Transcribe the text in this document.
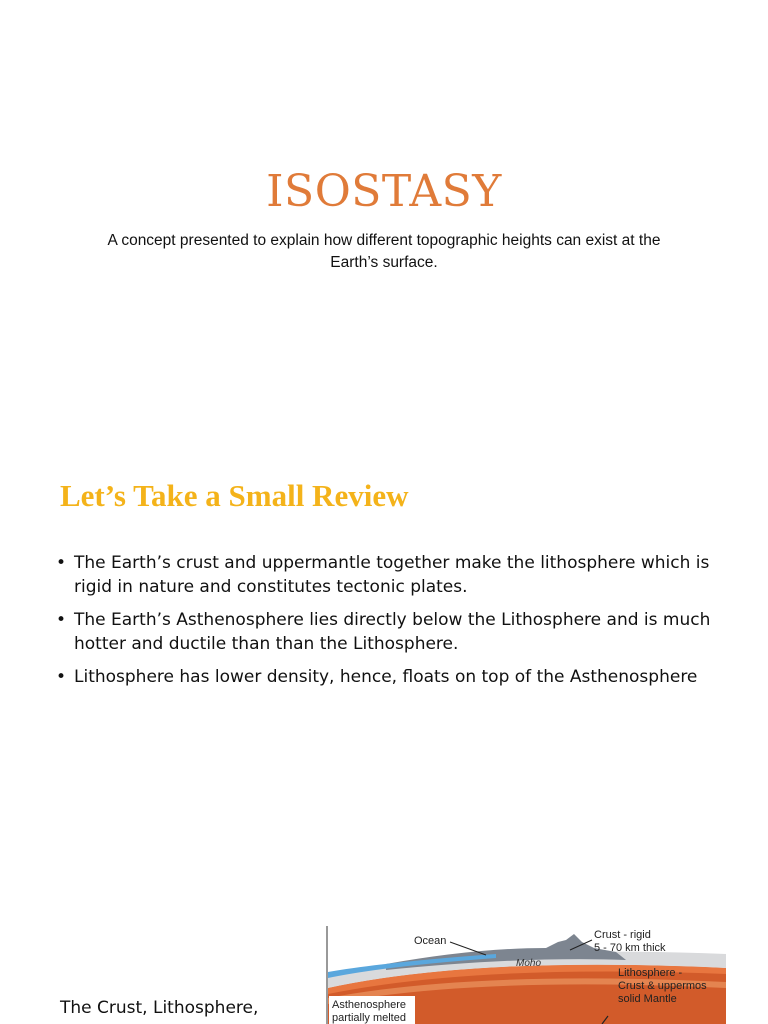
ISOSTASY

A concept presented to explain how different topographic heights can exist at the Earth’s surface.

Let’s Take a Small Review
• The Earth’s crust and uppermantle together make the lithosphere which is rigid in nature and constitutes tectonic plates.
• The Earth’s Asthenosphere lies directly below the Lithosphere and is much hotter and ductile than than the Lithosphere.
• Lithosphere has lower density, hence, floats on top of the Asthenosphere
The Crust, Lithosphere,
Ocean	Crust - rigid
5 - 70 km thick
Moho
Lithosphere -
Crust & uppermos
solid Mantle
Asthenosphere
partially melted
